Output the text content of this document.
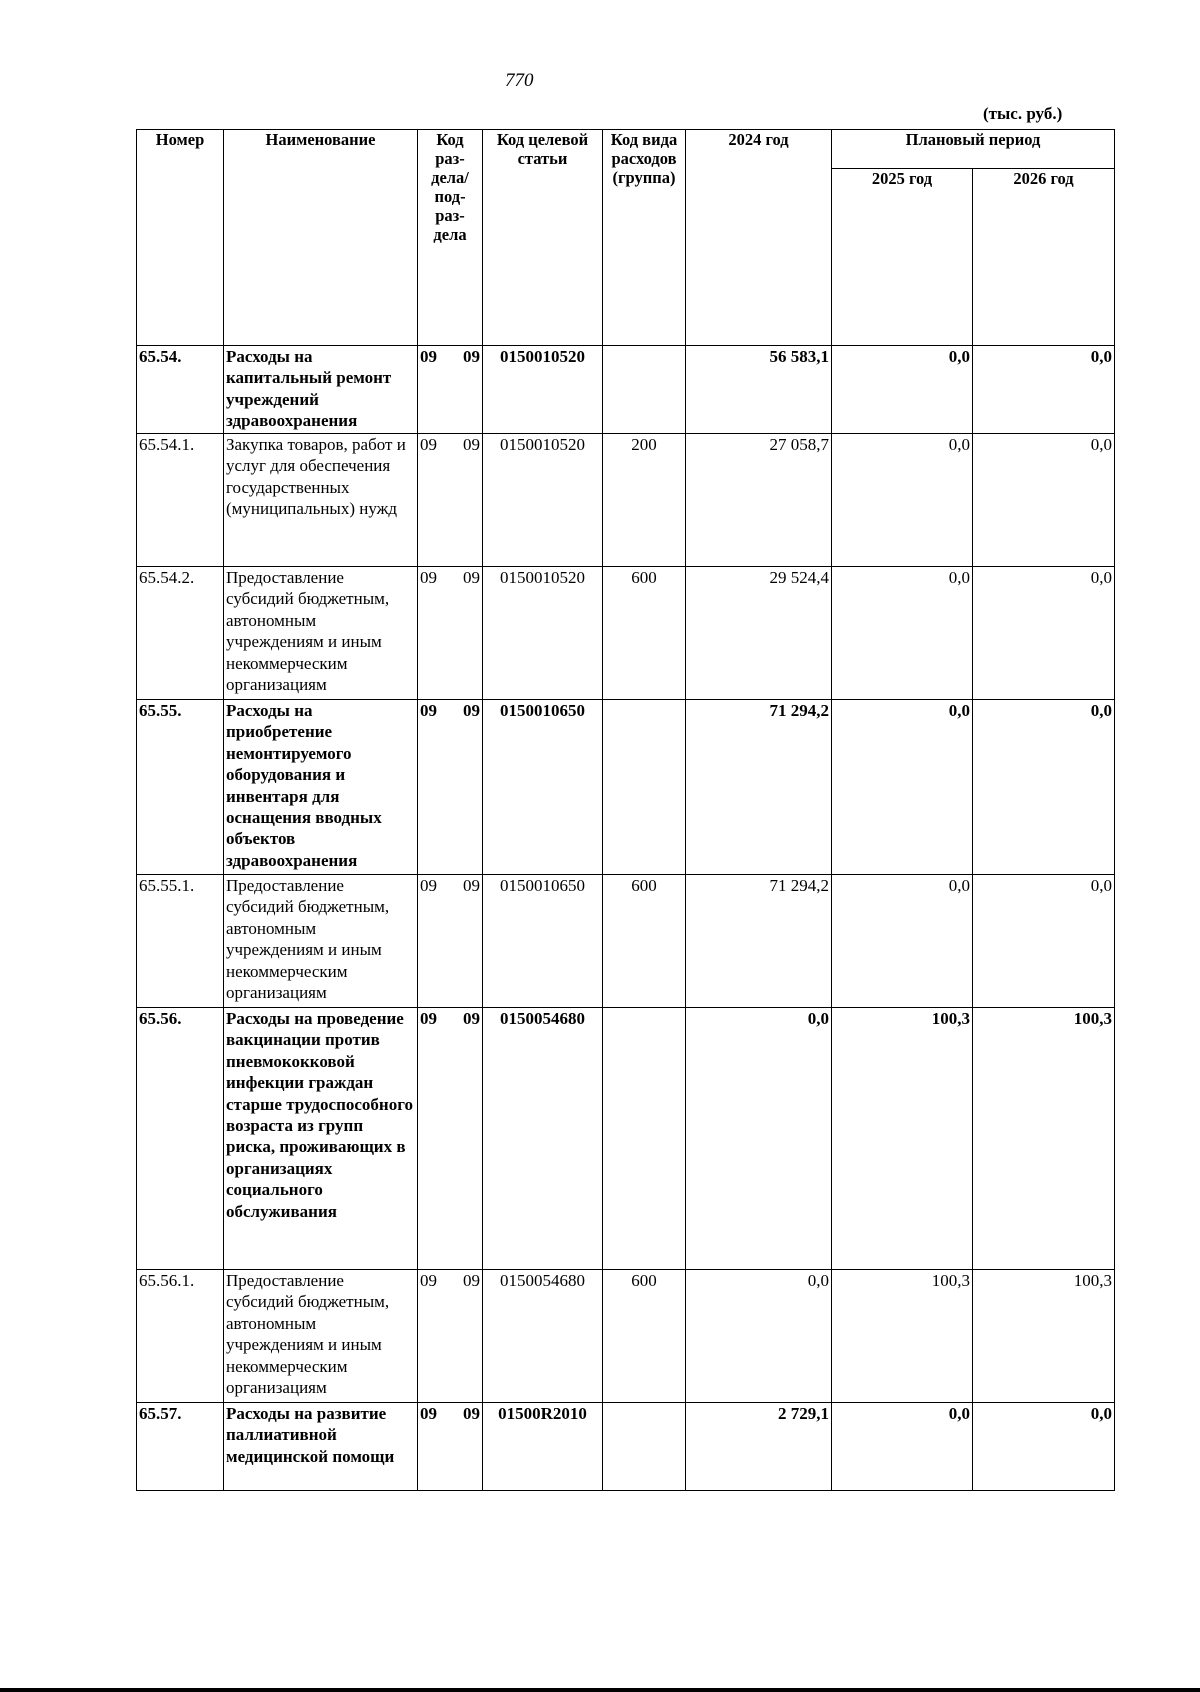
770
(тыс. руб.)
Номер	Наименование	Код раз-дела/ под-раз-дела	Код целевой статьи	Код вида расходов (группа)	2024 год	Плановый период	
						2025 год	2026 год
65.54.	Расходы на капитальный ремонт учреждений здравоохранения	09 09	0150010520		56 583,1	0,0	0,0
65.54.1.	Закупка товаров, работ и услуг для обеспечения государственных (муниципальных) нужд	09 09	0150010520	200	27 058,7	0,0	0,0
65.54.2.	Предоставление субсидий бюджетным, автономным учреждениям и иным некоммерческим организациям	09 09	0150010520	600	29 524,4	0,0	0,0
65.55.	Расходы на приобретение немонтируемого оборудования и инвентаря для оснащения вводных объектов здравоохранения	09 09	0150010650		71 294,2	0,0	0,0
65.55.1.	Предоставление субсидий бюджетным, автономным учреждениям и иным некоммерческим организациям	09 09	0150010650	600	71 294,2	0,0	0,0
65.56.	Расходы на проведение вакцинации против пневмококковой инфекции граждан старше трудоспособного возраста из групп риска, проживающих в организациях социального обслуживания	09 09	0150054680		0,0	100,3	100,3
65.56.1.	Предоставление субсидий бюджетным, автономным учреждениям и иным некоммерческим организациям	09 09	0150054680	600	0,0	100,3	100,3
65.57.	Расходы на развитие паллиативной медицинской помощи	09 09	01500R2010		2 729,1	0,0	0,0
